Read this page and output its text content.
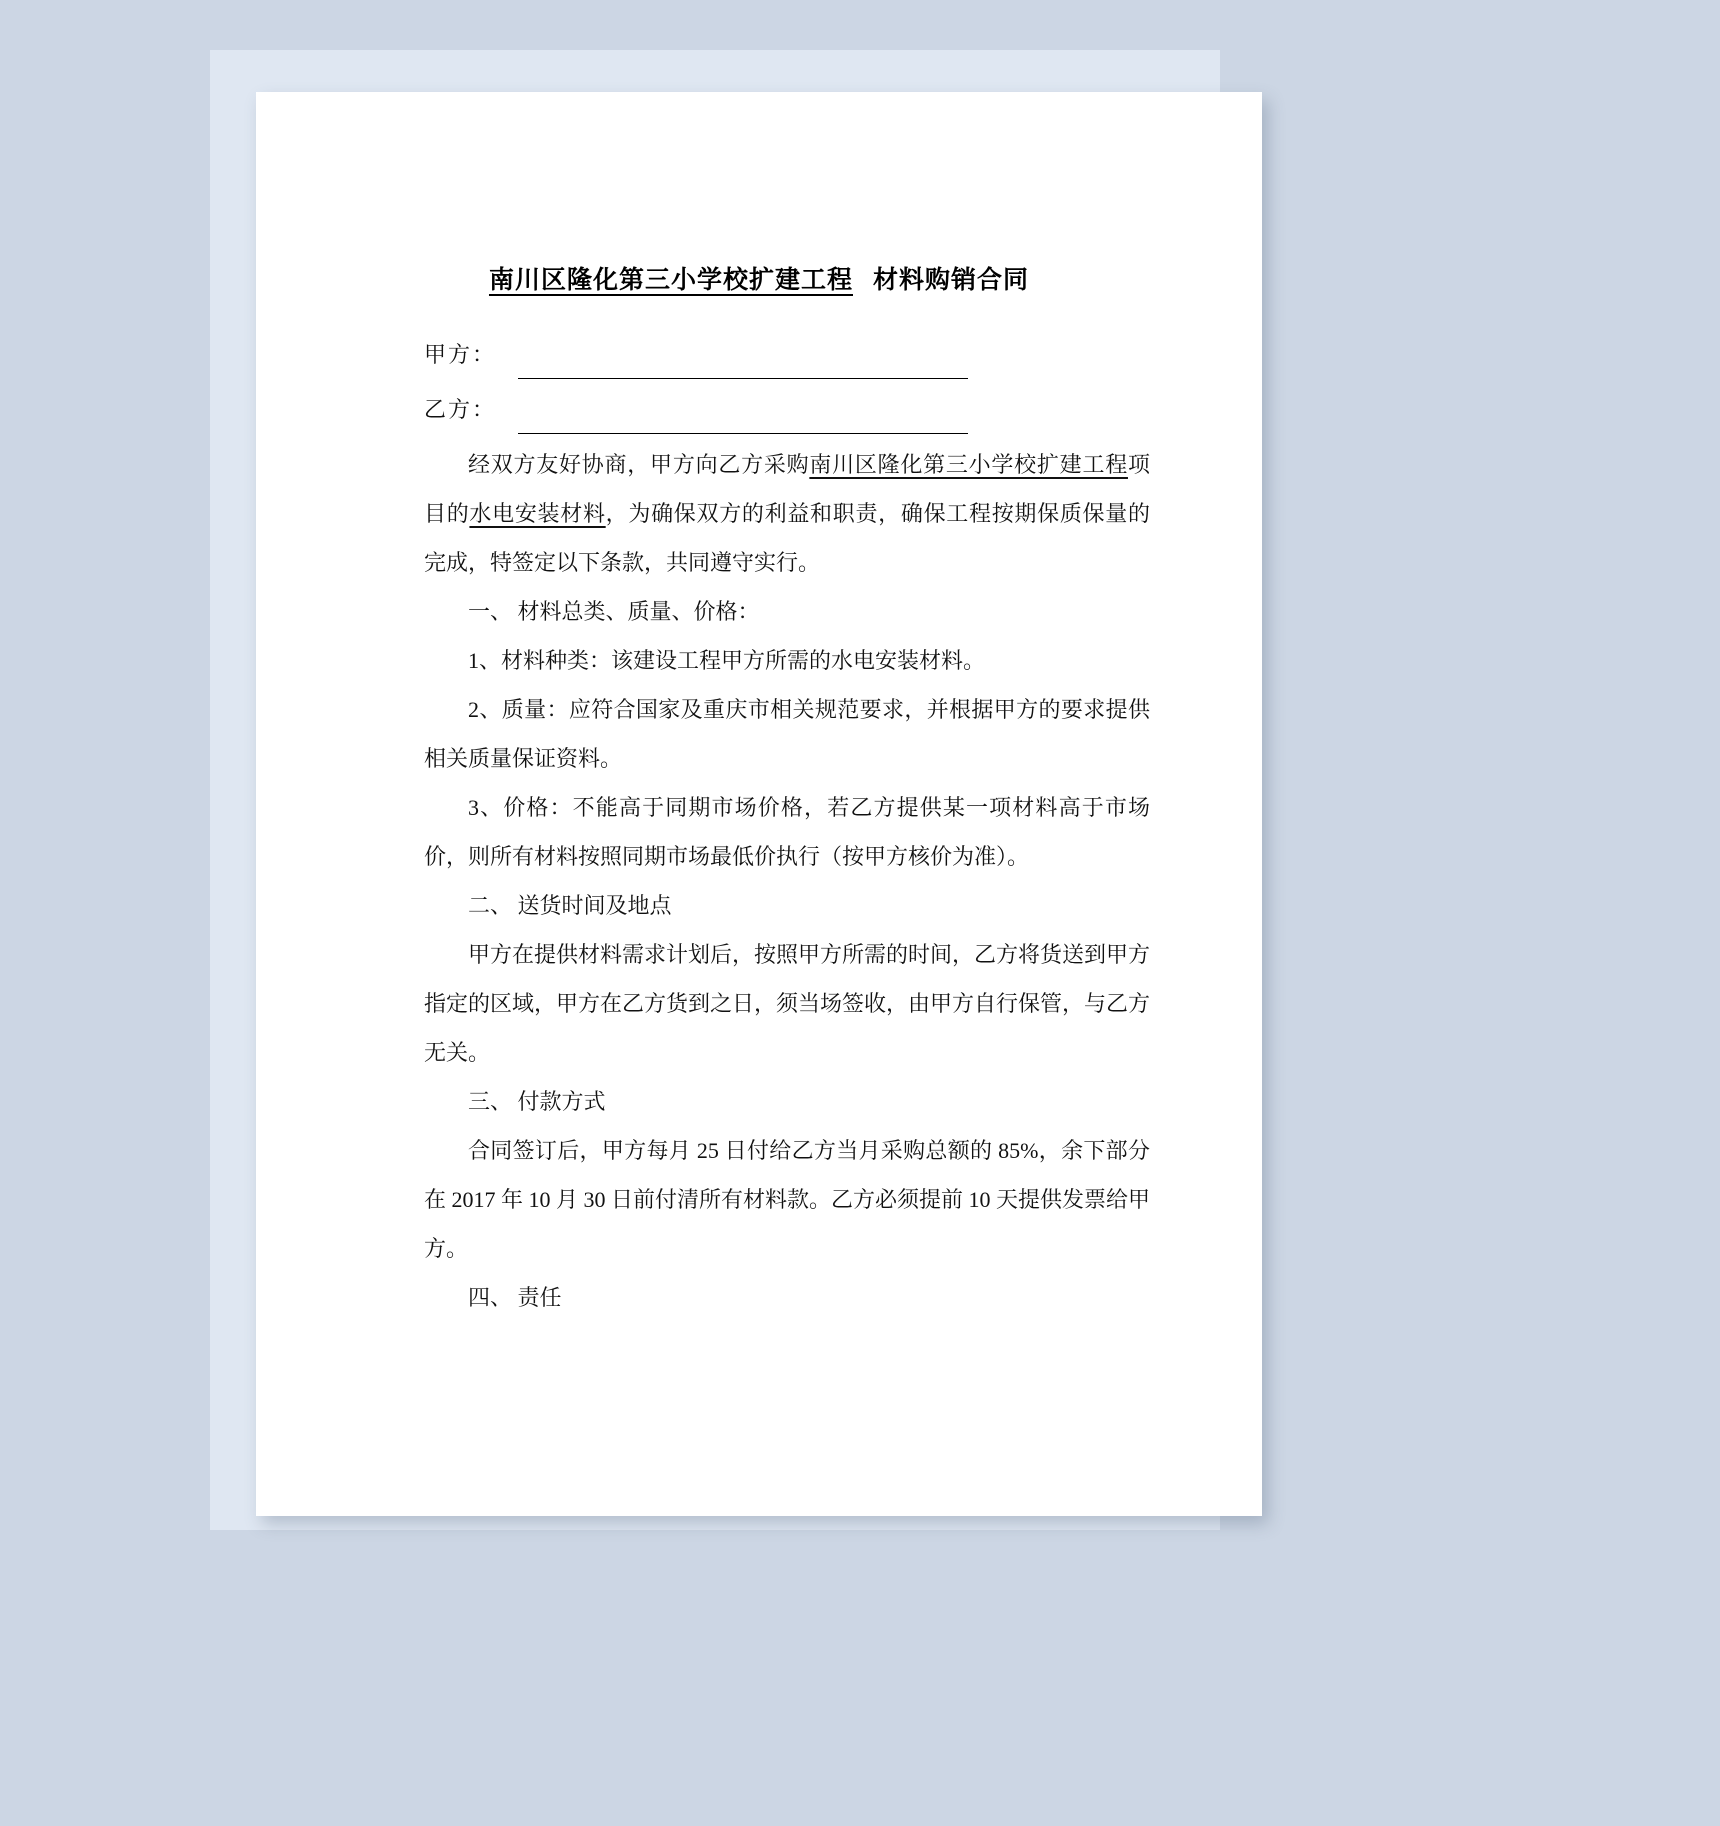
南川区隆化第三小学校扩建工程 材料购销合同
甲方：
乙方：

经双方友好协商，甲方向乙方采购南川区隆化第三小学校扩建工程项目的水电安装材料，为确保双方的利益和职责，确保工程按期保质保量的完成，特签定以下条款，共同遵守实行。

一、 材料总类、质量、价格：

1、材料种类：该建设工程甲方所需的水电安装材料。

2、质量：应符合国家及重庆市相关规范要求，并根据甲方的要求提供相关质量保证资料。

3、价格：不能高于同期市场价格，若乙方提供某一项材料高于市场价，则所有材料按照同期市场最低价执行（按甲方核价为准）。

二、 送货时间及地点

甲方在提供材料需求计划后，按照甲方所需的时间，乙方将货送到甲方指定的区域，甲方在乙方货到之日，须当场签收，由甲方自行保管，与乙方无关。

三、 付款方式

合同签订后，甲方每月 25 日付给乙方当月采购总额的 85%，余下部分在 2017 年 10 月 30 日前付清所有材料款。乙方必须提前 10 天提供发票给甲方。

四、 责任
